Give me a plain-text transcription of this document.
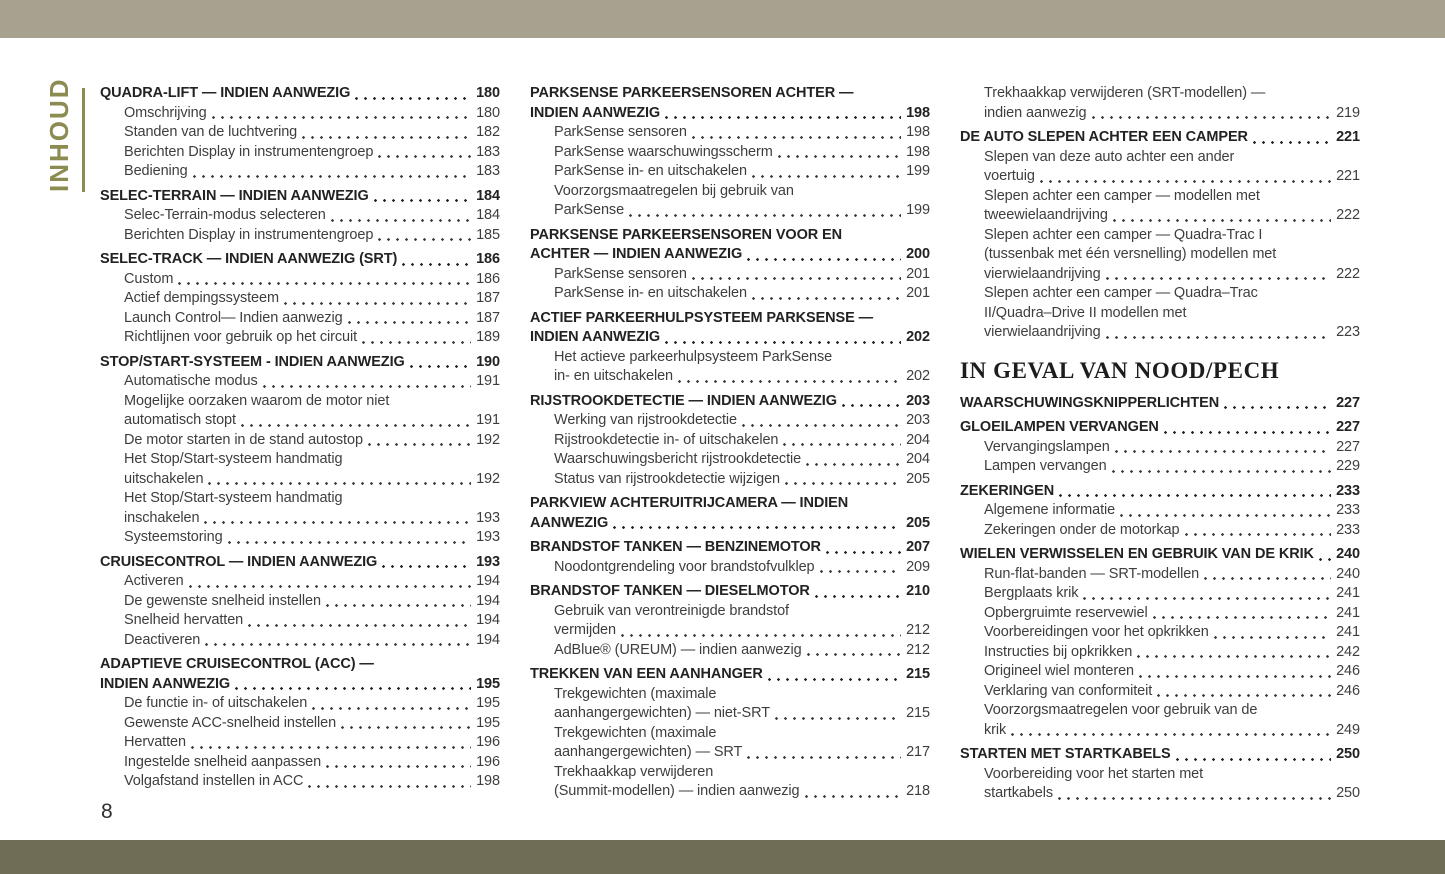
INHOUD QUADRA-LIFT — INDIEN AANWEZIG	180
Omschrijving	180
Standen van de luchtvering	182
Berichten Display in instrumentengroep	183
Bediening	183
SELEC-TERRAIN — INDIEN AANWEZIG	184
Selec-Terrain-modus selecteren	184
Berichten Display in instrumentengroep	185
SELEC-TRACK — INDIEN AANWEZIG (SRT)	186
Custom	186
Actief dempingssysteem	187
Launch Control— Indien aanwezig	187
Richtlijnen voor gebruik op het circuit	189
STOP/START-SYSTEEM - INDIEN AANWEZIG	190
Automatische modus	191
Mogelijke oorzaken waarom de motor niet
automatisch stopt	191
De motor starten in de stand autostop	192
Het Stop/Start-systeem handmatig
uitschakelen	192
Het Stop/Start-systeem handmatig
inschakelen	193
Systeemstoring	193
CRUISECONTROL — INDIEN AANWEZIG	193
Activeren	194
De gewenste snelheid instellen	194
Snelheid hervatten	194
Deactiveren	194
ADAPTIEVE CRUISECONTROL (ACC) —
INDIEN AANWEZIG	195
De functie in- of uitschakelen	195
Gewenste ACC-snelheid instellen	195
Hervatten	196
Ingestelde snelheid aanpassen	196
Volgafstand instellen in ACC	198
PARKSENSE PARKEERSENSOREN ACHTER —
INDIEN AANWEZIG	198
ParkSense sensoren	198
ParkSense waarschuwingsscherm	198
ParkSense in- en uitschakelen	199
Voorzorgsmaatregelen bij gebruik van
ParkSense	199
PARKSENSE PARKEERSENSOREN VOOR EN
ACHTER — INDIEN AANWEZIG	200
ParkSense sensoren	201
ParkSense in- en uitschakelen	201
ACTIEF PARKEERHULPSYSTEEM PARKSENSE —
INDIEN AANWEZIG	202
Het actieve parkeerhulpsysteem ParkSense
in- en uitschakelen	202
RIJSTROOKDETECTIE — INDIEN AANWEZIG	203
Werking van rijstrookdetectie	203
Rijstrookdetectie in- of uitschakelen	204
Waarschuwingsbericht rijstrookdetectie	204
Status van rijstrookdetectie wijzigen	205
PARKVIEW ACHTERUITRIJCAMERA — INDIEN
AANWEZIG	205
BRANDSTOF TANKEN — BENZINEMOTOR	207
Noodontgrendeling voor brandstofvulklep	209
BRANDSTOF TANKEN — DIESELMOTOR	210
Gebruik van verontreinigde brandstof
vermijden	212
AdBlue® (UREUM) — indien aanwezig	212
TREKKEN VAN EEN AANHANGER	215
Trekgewichten (maximale
aanhangergewichten) — niet-SRT	215
Trekgewichten (maximale
aanhangergewichten) — SRT	217
Trekhaakkap verwijderen
(Summit-modellen) — indien aanwezig	218
Trekhaakkap verwijderen (SRT-modellen) —
indien aanwezig	219
DE AUTO SLEPEN ACHTER EEN CAMPER	221
Slepen van deze auto achter een ander
voertuig	221
Slepen achter een camper — modellen met
tweewielaandrijving	222
Slepen achter een camper — Quadra-Trac I
(tussenbak met één versnelling) modellen met
vierwielaandrijving	222
Slepen achter een camper — Quadra–Trac
II/Quadra–Drive II modellen met
vierwielaandrijving	223
IN GEVAL VAN NOOD/PECH
WAARSCHUWINGSKNIPPERLICHTEN	227
GLOEILAMPEN VERVANGEN	227
Vervangingslampen	227
Lampen vervangen	229
ZEKERINGEN	233
Algemene informatie	233
Zekeringen onder de motorkap	233
WIELEN VERWISSELEN EN GEBRUIK VAN DE KRIK 240
Run-flat-banden — SRT-modellen	240
Bergplaats krik	241
Opbergruimte reservewiel	241
Voorbereidingen voor het opkrikken	241
Instructies bij opkrikken	242
Origineel wiel monteren	246
Verklaring van conformiteit	246
Voorzorgsmaatregelen voor gebruik van de
krik	249
STARTEN MET STARTKABELS	250
Voorbereiding voor het starten met
startkabels	250
8
